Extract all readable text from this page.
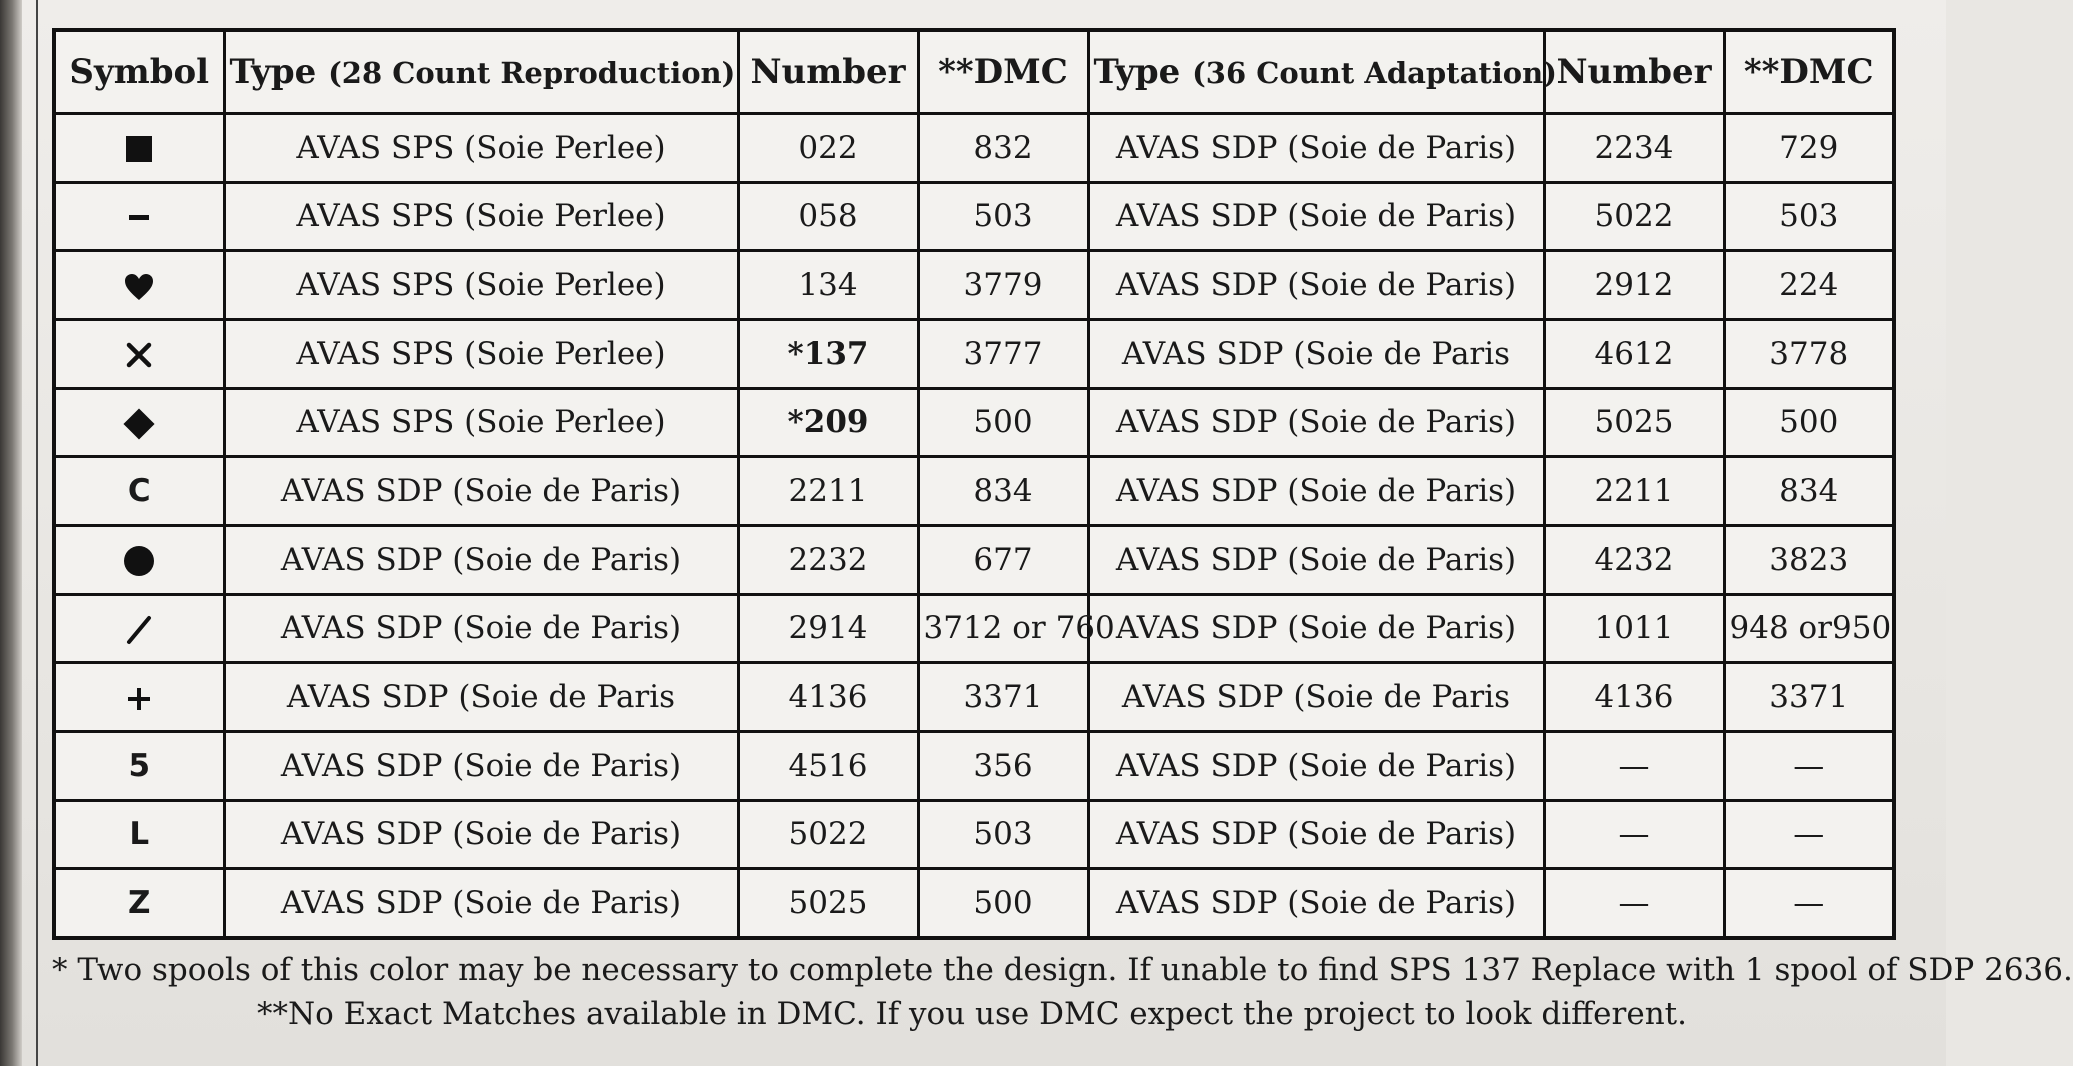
Symbol	Type (28 Count Reproduction)	Number	**DMC	Type (36 Count Adaptation)	Number	**DMC
	AVAS SPS (Soie Perlee)	022	832	AVAS SDP (Soie de Paris)	2234	729
	AVAS SPS (Soie Perlee)	058	503	AVAS SDP (Soie de Paris)	5022	503
	AVAS SPS (Soie Perlee)	134	3779	AVAS SDP (Soie de Paris)	2912	224
	AVAS SPS (Soie Perlee)	*137	3777	AVAS SDP (Soie de Paris	4612	3778
	AVAS SPS (Soie Perlee)	*209	500	AVAS SDP (Soie de Paris)	5025	500
C	AVAS SDP (Soie de Paris)	2211	834	AVAS SDP (Soie de Paris)	2211	834
	AVAS SDP (Soie de Paris)	2232	677	AVAS SDP (Soie de Paris)	4232	3823
	AVAS SDP (Soie de Paris)	2914	3712 or 760	AVAS SDP (Soie de Paris)	1011	948 or950
	AVAS SDP (Soie de Paris	4136	3371	AVAS SDP (Soie de Paris	4136	3371
5	AVAS SDP (Soie de Paris)	4516	356	AVAS SDP (Soie de Paris)	—	—
L	AVAS SDP (Soie de Paris)	5022	503	AVAS SDP (Soie de Paris)	—	—
Z	AVAS SDP (Soie de Paris)	5025	500	AVAS SDP (Soie de Paris)	—	—
* Two spools of this color may be necessary to complete the design. If unable to find SPS 137 Replace with 1 spool of SDP 2636.
**No Exact Matches available in DMC. If you use DMC expect the project to look different.
